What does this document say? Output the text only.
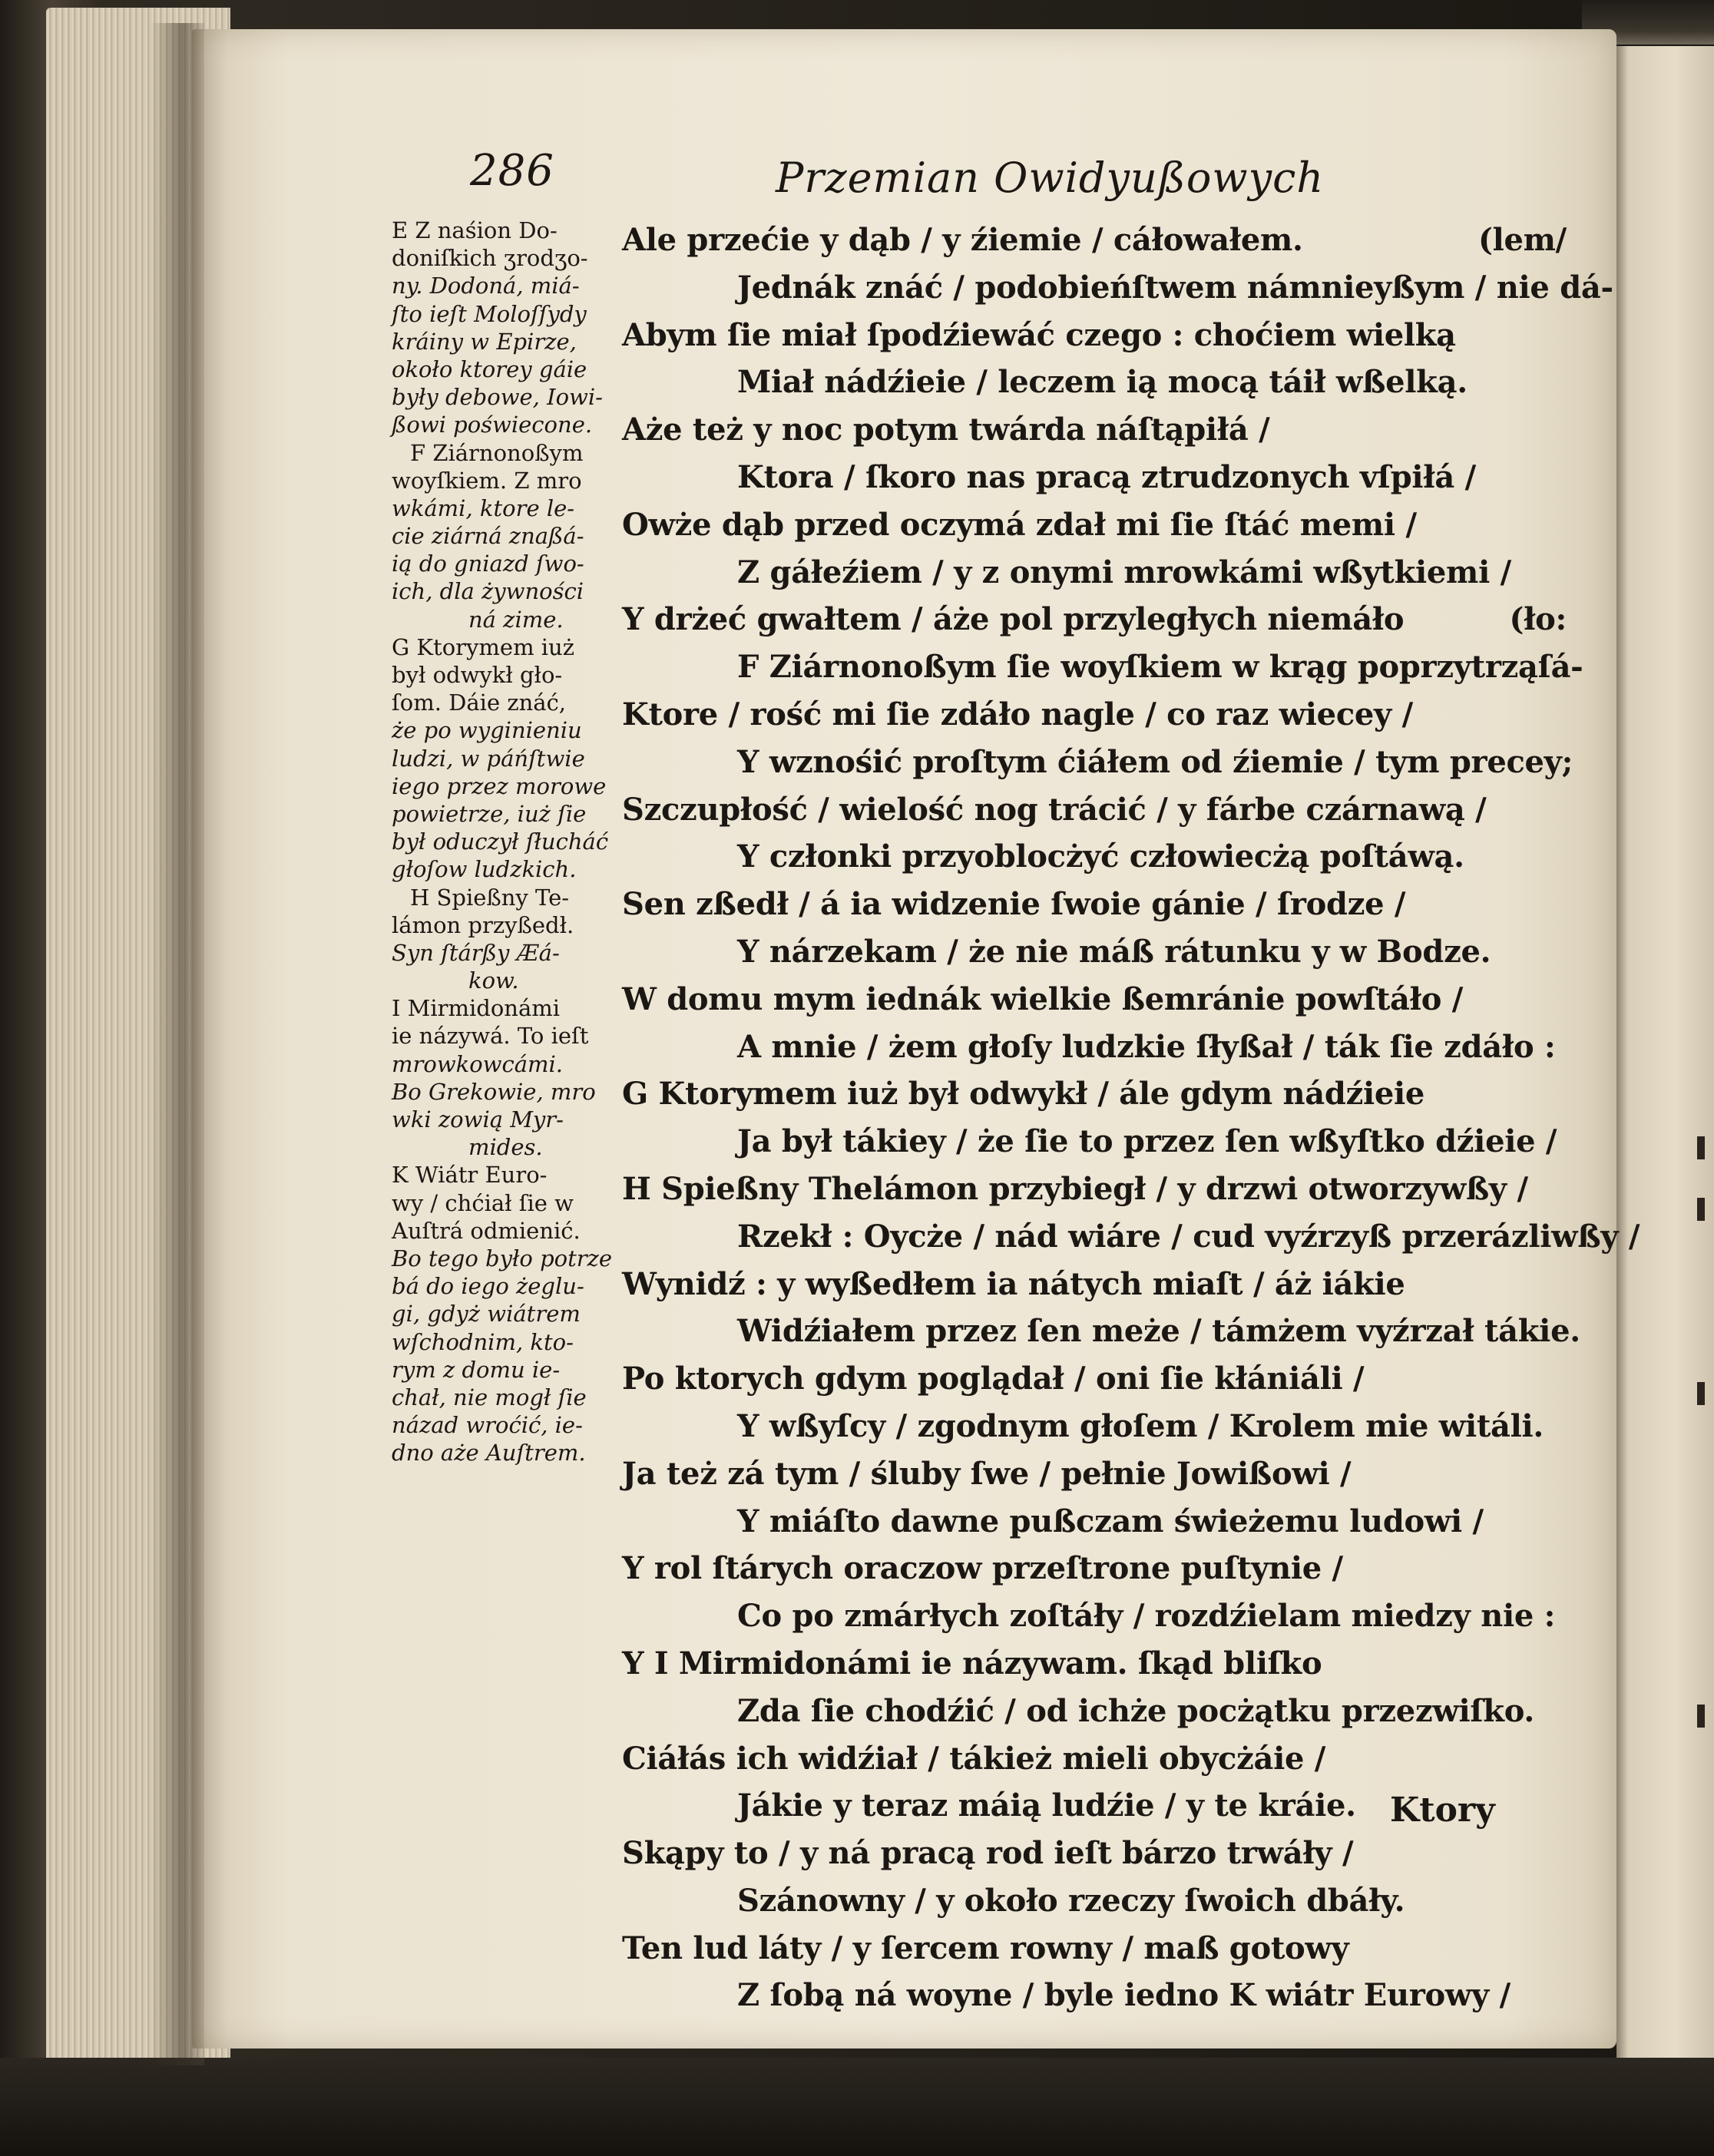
286	Przemian Owidyußowych
E Z naśion Do-
doniſkich ʒrodʒo-
ny. Dodoná, miá-
ſto ieſt Moloſſydy
kráiny w Epirze,
około ktorey gáie
były debowe, Iowi-
ßowi poświecone.
F Ziárnonoßym
woyſkiem. Z mro
wkámi, ktore le-
cie ziárná znaßá-
ią do gniazd ſwo-
ich, dla żywności
ná zime.
G Ktorymem iuż
był odwykł gło-
ſom. Dáie znáć,
że po wyginieniu
ludzi, w páńſtwie
iego przez morowe
powietrze, iuż ſie
był oduczył ſłucháć
głoſow ludzkich.
H Spießny Te-
lámon przyßedł.
Syn ſtárßy Æá-
kow.
I Mirmidonámi
ie názywá. To ieſt
mrowkowcámi.
Bo Grekowie, mro
wki zowią Myr-
mides.
K Wiátr Euro-
wy / chćiał ſie w
Auſtrá odmienić.
Bo tego było potrze
bá do iego żeglu-
gi, gdyż wiátrem
wſchodnim, kto-
rym z domu ie-
chał, nie mogł ſie
názad wroćić, ie-
dno aże Auſtrem.
Ale przećie y dąb / y źiemie / cáłowałem.	(lem/
Jednák znáć / podobieńſtwem námnieyßym / nie dá-
Abym ſie miał ſpodźiewáć czego : choćiem wielką
Miał nádźieie / leczem ią mocą táił wßelką.
Aże też y noc potym twárda náſtąpiłá /
Ktora / ſkoro nas pracą ztrudzonych vſpiłá /
Owże dąb przed oczymá zdał mi ſie ſtáć memi /
Z gáłeźiem / y z onymi mrowkámi wßytkiemi /
Y drżeć gwałtem / áże pol przyległych niemáło	(ło:
F Ziárnonoßym ſie woyſkiem w krąg poprzytrząſá-
Ktore / rość mi ſie zdáło nagle / co raz wiecey /
Y wznośić proſtym ćiáłem od źiemie / tym precey;
Szczupłość / wielość nog trácić / y fárbe czárnawą /
Y członki przyoblocżyć człowiecżą poſtáwą.
Sen zßedł / á ia widzenie ſwoie gánie / ſrodze /
Y nárzekam / że nie máß rátunku y w Bodze.
W domu mym iednák wielkie ßemránie powſtáło /
A mnie / żem głoſy ludzkie ſłyßał / ták ſie zdáło :
G Ktorymem iuż był odwykł / ále gdym nádźieie
Ja był tákiey / że ſie to przez ſen wßyſtko dźieie /
H Spießny Thelámon przybiegł / y drzwi otworzywßy /
Rzekł : Oycże / nád wiáre / cud vyźrzyß przerázliwßy /
Wynidź : y wyßedłem ia nátych miaſt / áż iákie
Widźiałem przez ſen meże / támżem vyźrzał tákie.
Po ktorych gdym poglądał / oni ſie kłániáli /
Y wßyſcy / zgodnym głoſem / Krolem mie witáli.
Ja też zá tym / śluby ſwe / pełnie Jowißowi /
Y miáſto dawne pußczam świeżemu ludowi /
Y rol ſtárych oraczow przeſtrone puſtynie /
Co po zmárłych zoſtáły / rozdźielam miedzy nie :
Y I Mirmidonámi ie názywam. ſkąd bliſko
Zda ſie chodźić / od ichże pocżątku przezwiſko.
Ciáłás ich widźiał / tákież mieli obycżáie /
Jákie y teraz máią ludźie / y te kráie.
Skąpy to / y ná pracą rod ieſt bárzo trwáły /
Szánowny / y około rzeczy ſwoich dbáły.
Ten lud láty / y ſercem rowny / maß gotowy
Z ſobą ná woyne / byle iedno K wiátr Eurowy /
Ktory
